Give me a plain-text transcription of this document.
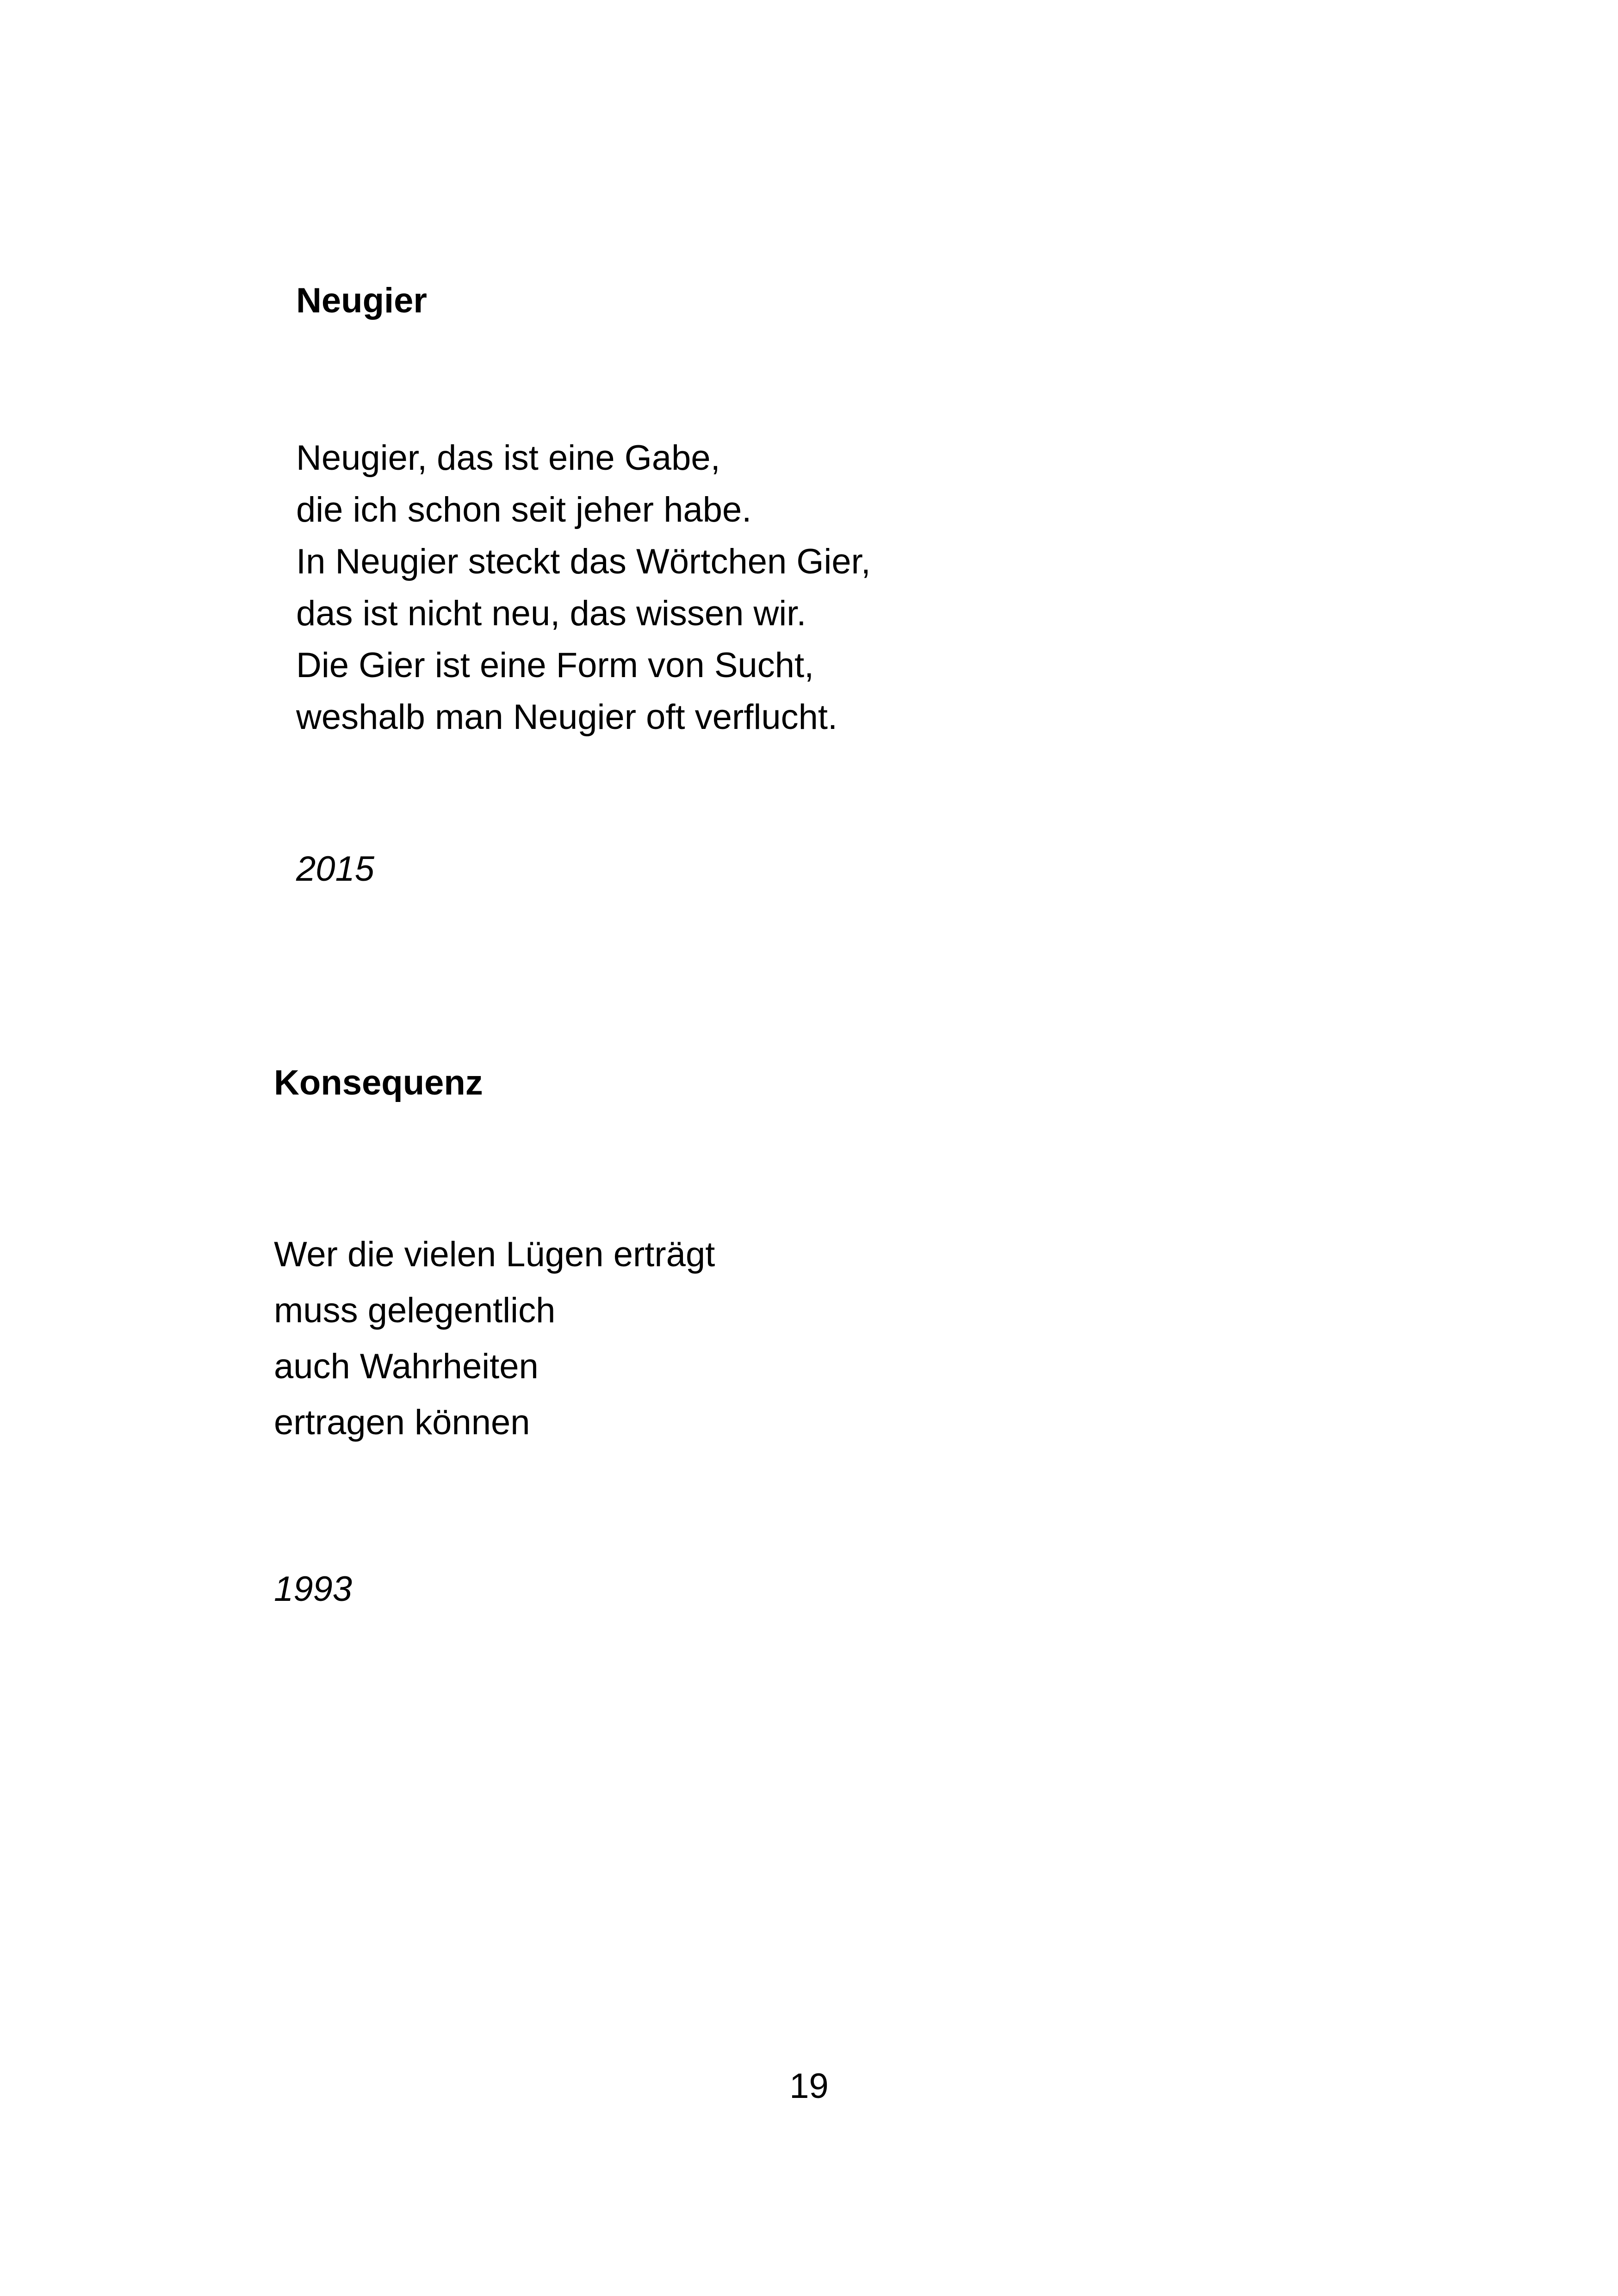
Neugier
Neugier, das ist eine Gabe,
die ich schon seit jeher habe.
In Neugier steckt das Wörtchen Gier,
das ist nicht neu, das wissen wir.
Die Gier ist eine Form von Sucht,
weshalb man Neugier oft verflucht.

2015

Konsequenz
Wer die vielen Lügen erträgt
muss gelegentlich
auch Wahrheiten
ertragen können

1993

19
